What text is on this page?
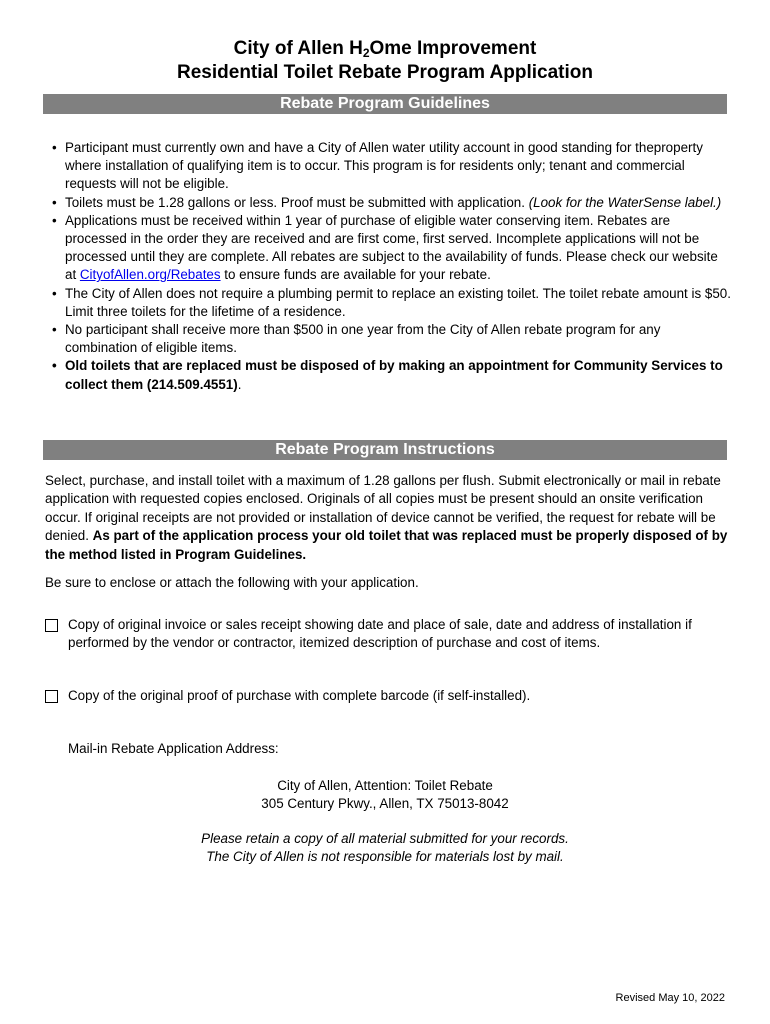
City of Allen $H_2Ome$ Improvement
Residential Toilet Rebate Program Application
Rebate Program Guidelines
• Participant must currently own and have a City of Allen water utility account in good standing for theproperty where installation of qualifying item is to occur. This program is for residents only; tenant and commercial requests will not be eligible.
• Toilets must be 1.28 gallons or less. Proof must be submitted with application. (Look for the WaterSense label.)
• Applications must be received within 1 year of purchase of eligible water conserving item. Rebates are processed in the order they are received and are first come, first served. Incomplete applications will not be processed until they are complete. All rebates are subject to the availability of funds. Please check our website at CityofAllen.org/Rebates to ensure funds are available for your rebate.
• The City of Allen does not require a plumbing permit to replace an existing toilet. The toilet rebate amount is $50. Limit three toilets for the lifetime of a residence.
• No participant shall receive more than $500 in one year from the City of Allen rebate program for any combination of eligible items.
• Old toilets that are replaced must be disposed of by making an appointment for Community Services to collect them (214.509.4551).
Rebate Program Instructions
Select, purchase, and install toilet with a maximum of 1.28 gallons per flush. Submit electronically or mail in rebate application with requested copies enclosed. Originals of all copies must be present should an onsite verification occur. If original receipts are not provided or installation of device cannot be verified, the request for rebate will be denied. As part of the application process your old toilet that was replaced must be properly disposed of by the method listed in Program Guidelines.
Be sure to enclose or attach the following with your application.
Copy of original invoice or sales receipt showing date and place of sale, date and address of installation if performed by the vendor or contractor, itemized description of purchase and cost of items.
Copy of the original proof of purchase with complete barcode (if self-installed).
Mail-in Rebate Application Address:
City of Allen, Attention: Toilet Rebate
305 Century Pkwy., Allen, TX 75013-8042
Please retain a copy of all material submitted for your records.
The City of Allen is not responsible for materials lost by mail.
Revised May 10, 2022
